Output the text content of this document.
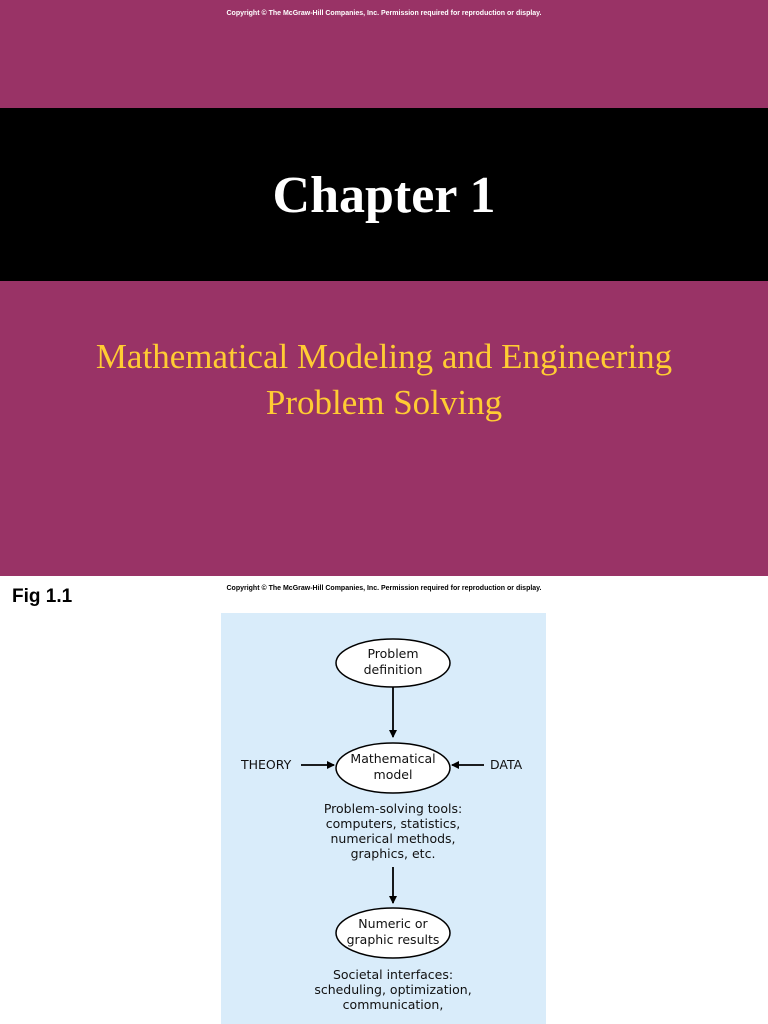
Copyright © The McGraw-Hill Companies, Inc. Permission required for reproduction or display.
Chapter 1
Mathematical Modeling and Engineering
Problem Solving
Fig 1.1	Copyright © The McGraw-Hill Companies, Inc. Permission required for reproduction or display.
Problem
definition
Mathematical
model
THEORY	DATA
Problem-solving tools:
computers, statistics,
numerical methods,
graphics, etc.
Numeric or
graphic results
Societal interfaces:
scheduling, optimization,
communication,
